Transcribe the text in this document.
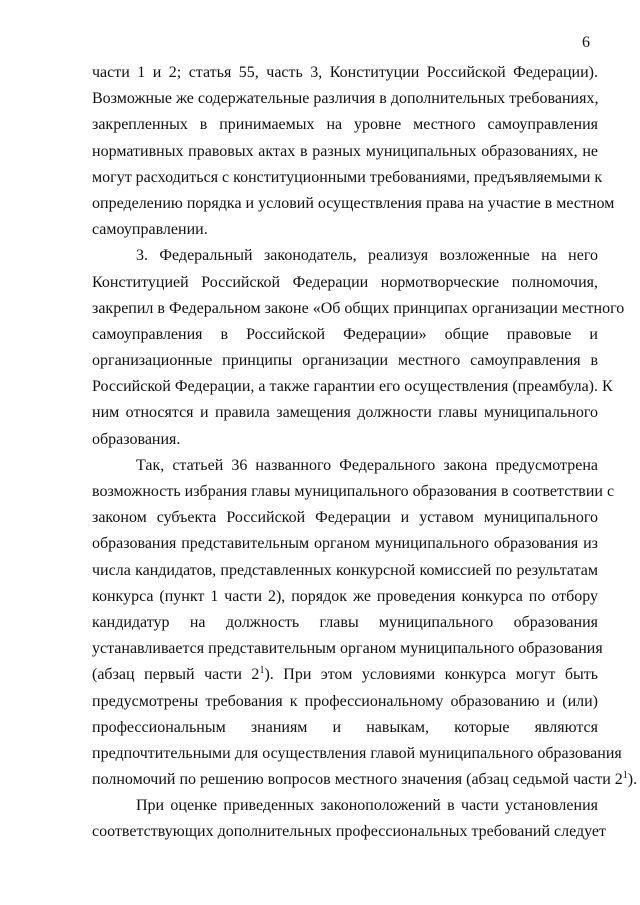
6
части 1 и 2; статья 55, часть 3, Конституции Российской Федерации).
Возможные же содержательные различия в дополнительных требованиях,
закрепленных в принимаемых на уровне местного самоуправления
нормативных правовых актах в разных муниципальных образованиях, не
могут расходиться с конституционными требованиями, предъявляемыми к
определению порядка и условий осуществления права на участие в местном
самоуправлении.
3. Федеральный законодатель, реализуя возложенные на него
Конституцией Российской Федерации нормотворческие полномочия,
закрепил в Федеральном законе «Об общих принципах организации местного
самоуправления в Российской Федерации» общие правовые и
организационные принципы организации местного самоуправления в
Российской Федерации, а также гарантии его осуществления (преамбула). К
ним относятся и правила замещения должности главы муниципального
образования.
Так, статьей 36 названного Федерального закона предусмотрена
возможность избрания главы муниципального образования в соответствии с
законом субъекта Российской Федерации и уставом муниципального
образования представительным органом муниципального образования из
числа кандидатов, представленных конкурсной комиссией по результатам
конкурса (пункт 1 части 2), порядок же проведения конкурса по отбору
кандидатур на должность главы муниципального образования
устанавливается представительным органом муниципального образования
(абзац первый части $2^1$). При этом условиями конкурса могут быть
предусмотрены требования к профессиональному образованию и (или)
профессиональным знаниям и навыкам, которые являются
предпочтительными для осуществления главой муниципального образования
полномочий по решению вопросов местного значения (абзац седьмой части $2^1$).
При оценке приведенных законоположений в части установления
соответствующих дополнительных профессиональных требований следует
